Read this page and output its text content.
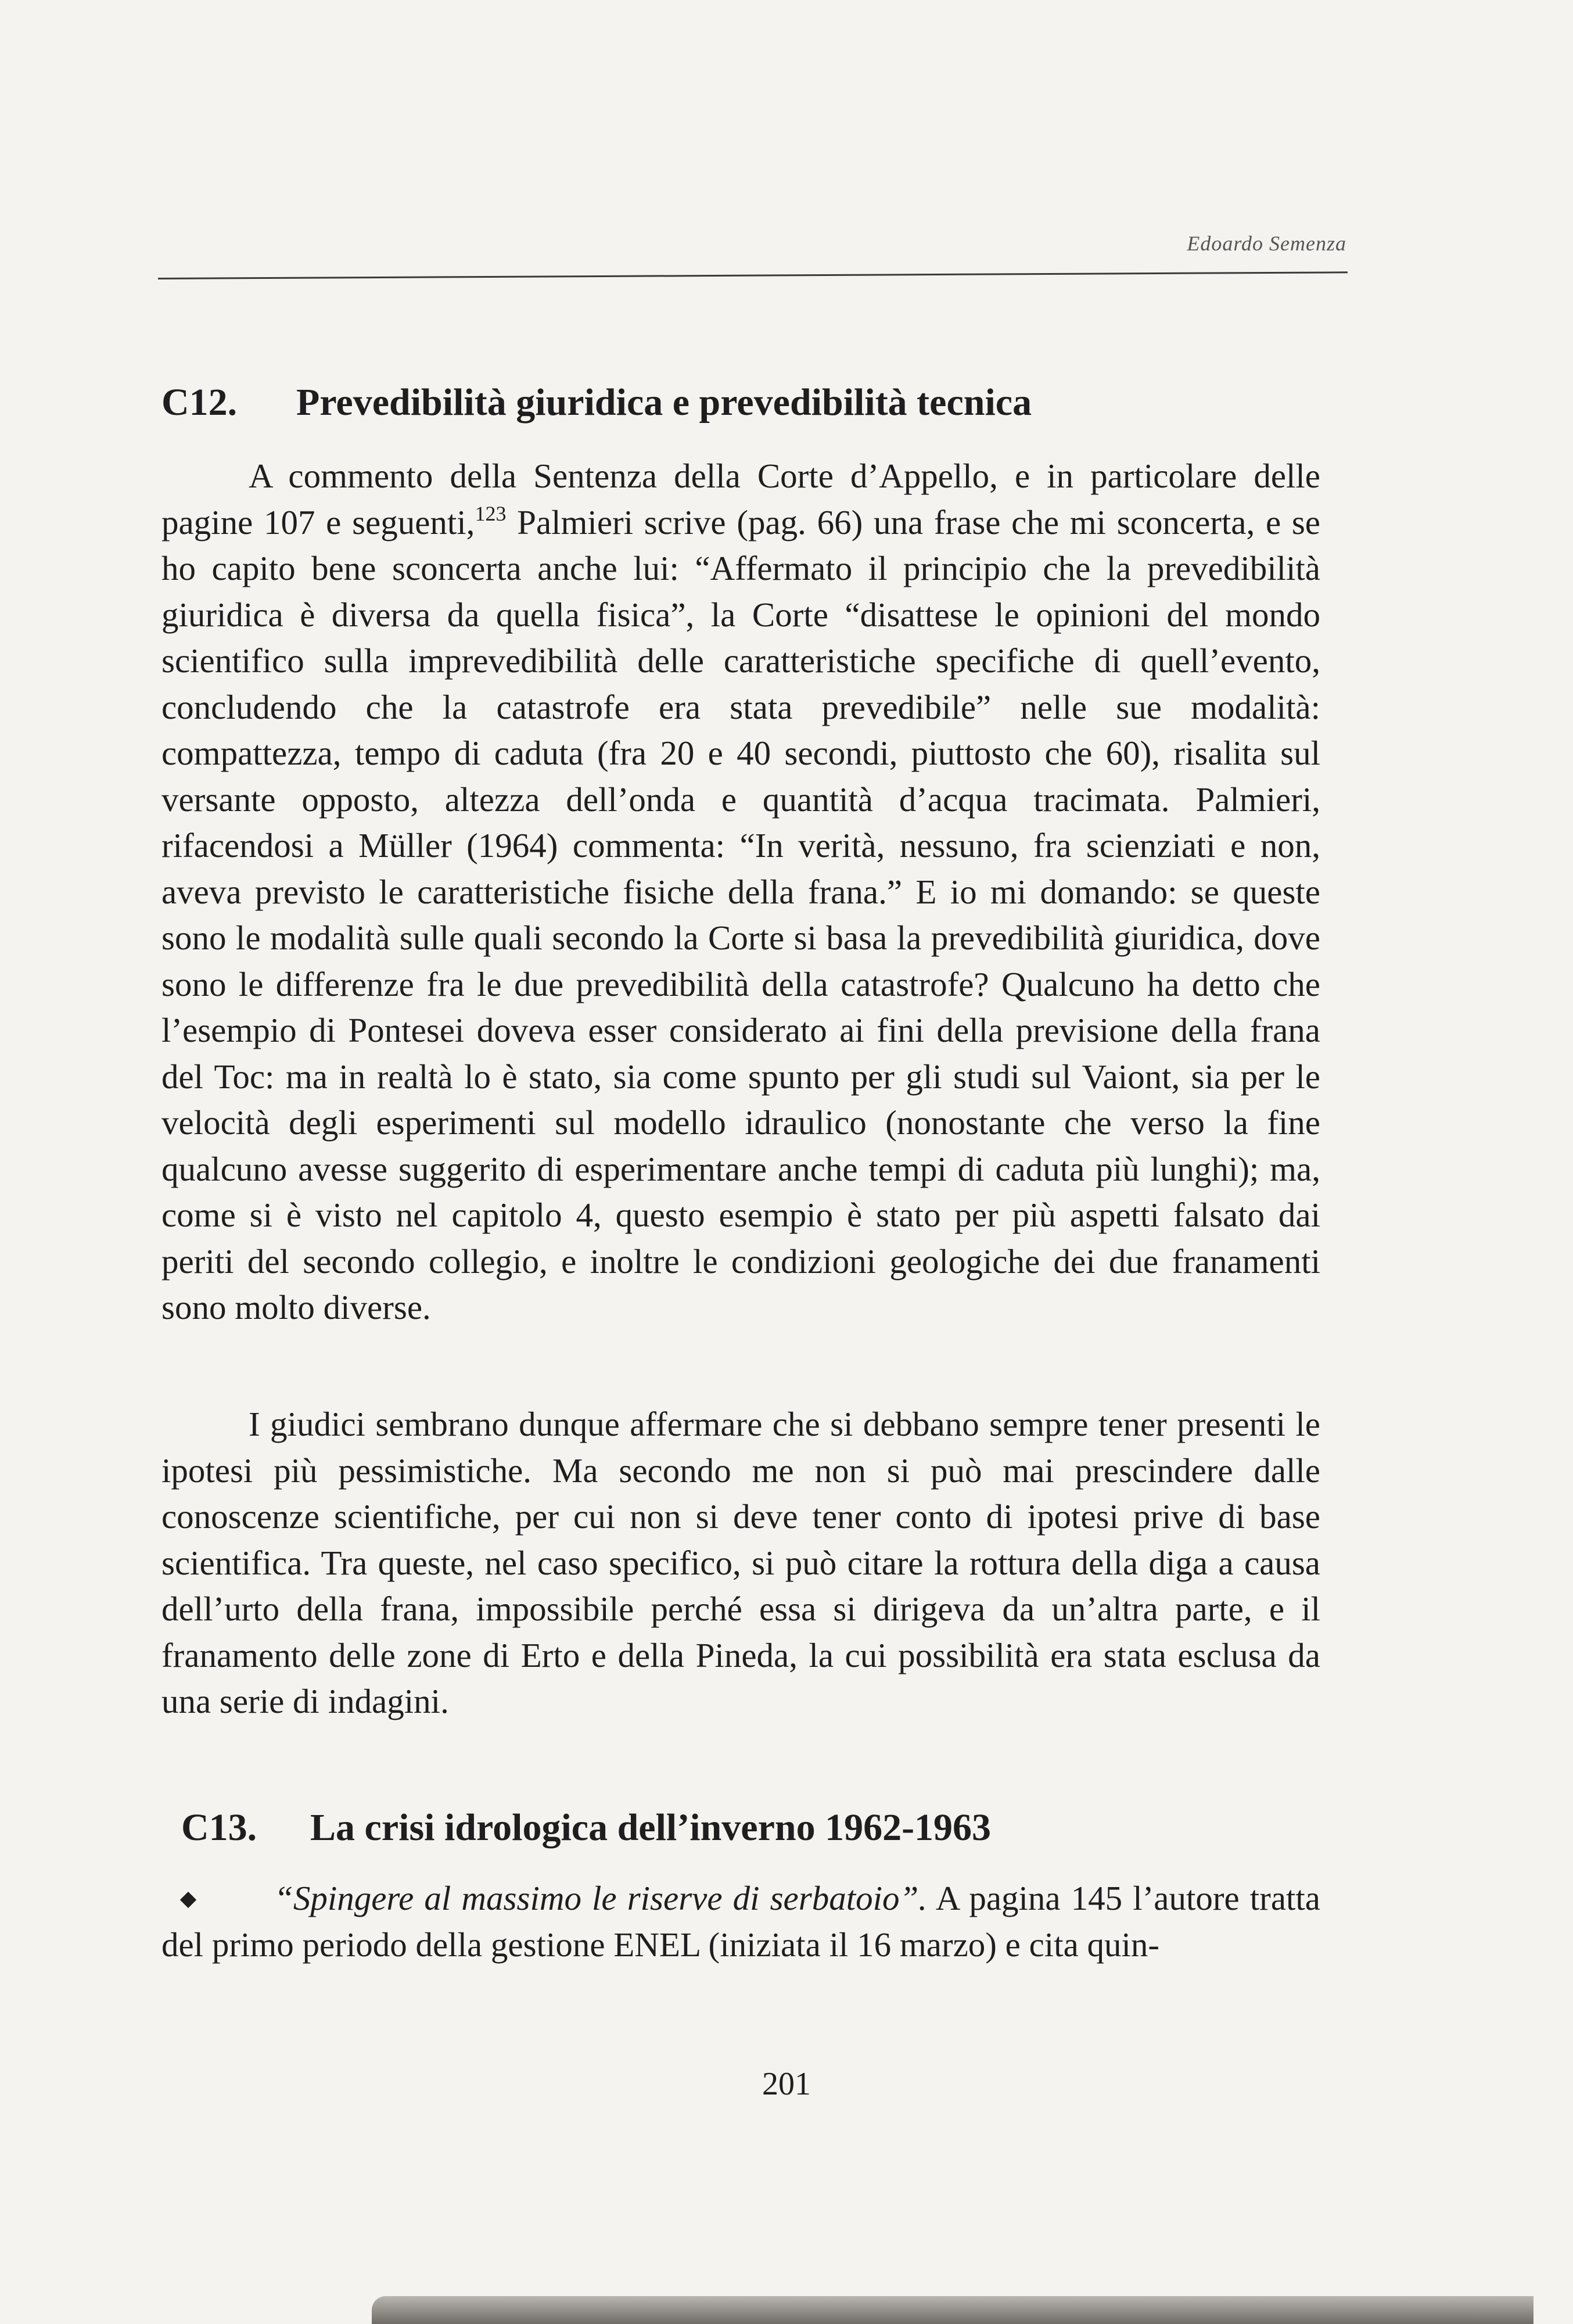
Edoardo Semenza
C12. Prevedibilità giuridica e prevedibilità tecnica

A commento della Sentenza della Corte d’Appello, e in particolare delle pagine 107 e seguenti,$^{123}$ Palmieri scrive (pag. 66) una frase che mi sconcerta, e se ho capito bene sconcerta anche lui: “Affermato il principio che la prevedibilità giuridica è diversa da quella fisica”, la Corte “disattese le opinioni del mondo scientifico sulla imprevedibilità delle caratteristiche specifiche di quell’evento, concludendo che la catastrofe era stata prevedibile” nelle sue modalità: compattezza, tempo di caduta (fra 20 e 40 secondi, piuttosto che 60), risalita sul versante opposto, altezza dell’onda e quantità d’acqua tracimata. Palmieri, rifacendosi a Müller (1964) commenta: “In verità, nessuno, fra scienziati e non, aveva previsto le caratteristiche fisiche della frana.” E io mi domando: se queste sono le modalità sulle quali secondo la Corte si basa la prevedibilità giuridica, dove sono le differenze fra le due prevedibilità della catastrofe? Qualcuno ha detto che l’esempio di Pontesei doveva esser considerato ai fini della previsione della frana del Toc: ma in realtà lo è stato, sia come spunto per gli studi sul Vaiont, sia per le velocità degli esperimenti sul modello idraulico (nonostante che verso la fine qualcuno avesse suggerito di esperimentare anche tempi di caduta più lunghi); ma, come si è visto nel capitolo 4, questo esempio è stato per più aspetti falsato dai periti del secondo collegio, e inoltre le condizioni geologiche dei due franamenti sono molto diverse.

I giudici sembrano dunque affermare che si debbano sempre tener presenti le ipotesi più pessimistiche. Ma secondo me non si può mai prescindere dalle conoscenze scientifiche, per cui non si deve tener conto di ipotesi prive di base scientifica. Tra queste, nel caso specifico, si può citare la rottura della diga a causa dell’urto della frana, impossibile perché essa si dirigeva da un’altra parte, e il franamento delle zone di Erto e della Pineda, la cui possibilità era stata esclusa da una serie di indagini.

C13. La crisi idrologica dell’inverno 1962-1963

“Spingere al massimo le riserve di serbatoio”. A pagina 145 l’autore tratta del primo periodo della gestione ENEL (iniziata il 16 marzo) e cita quin-

201
